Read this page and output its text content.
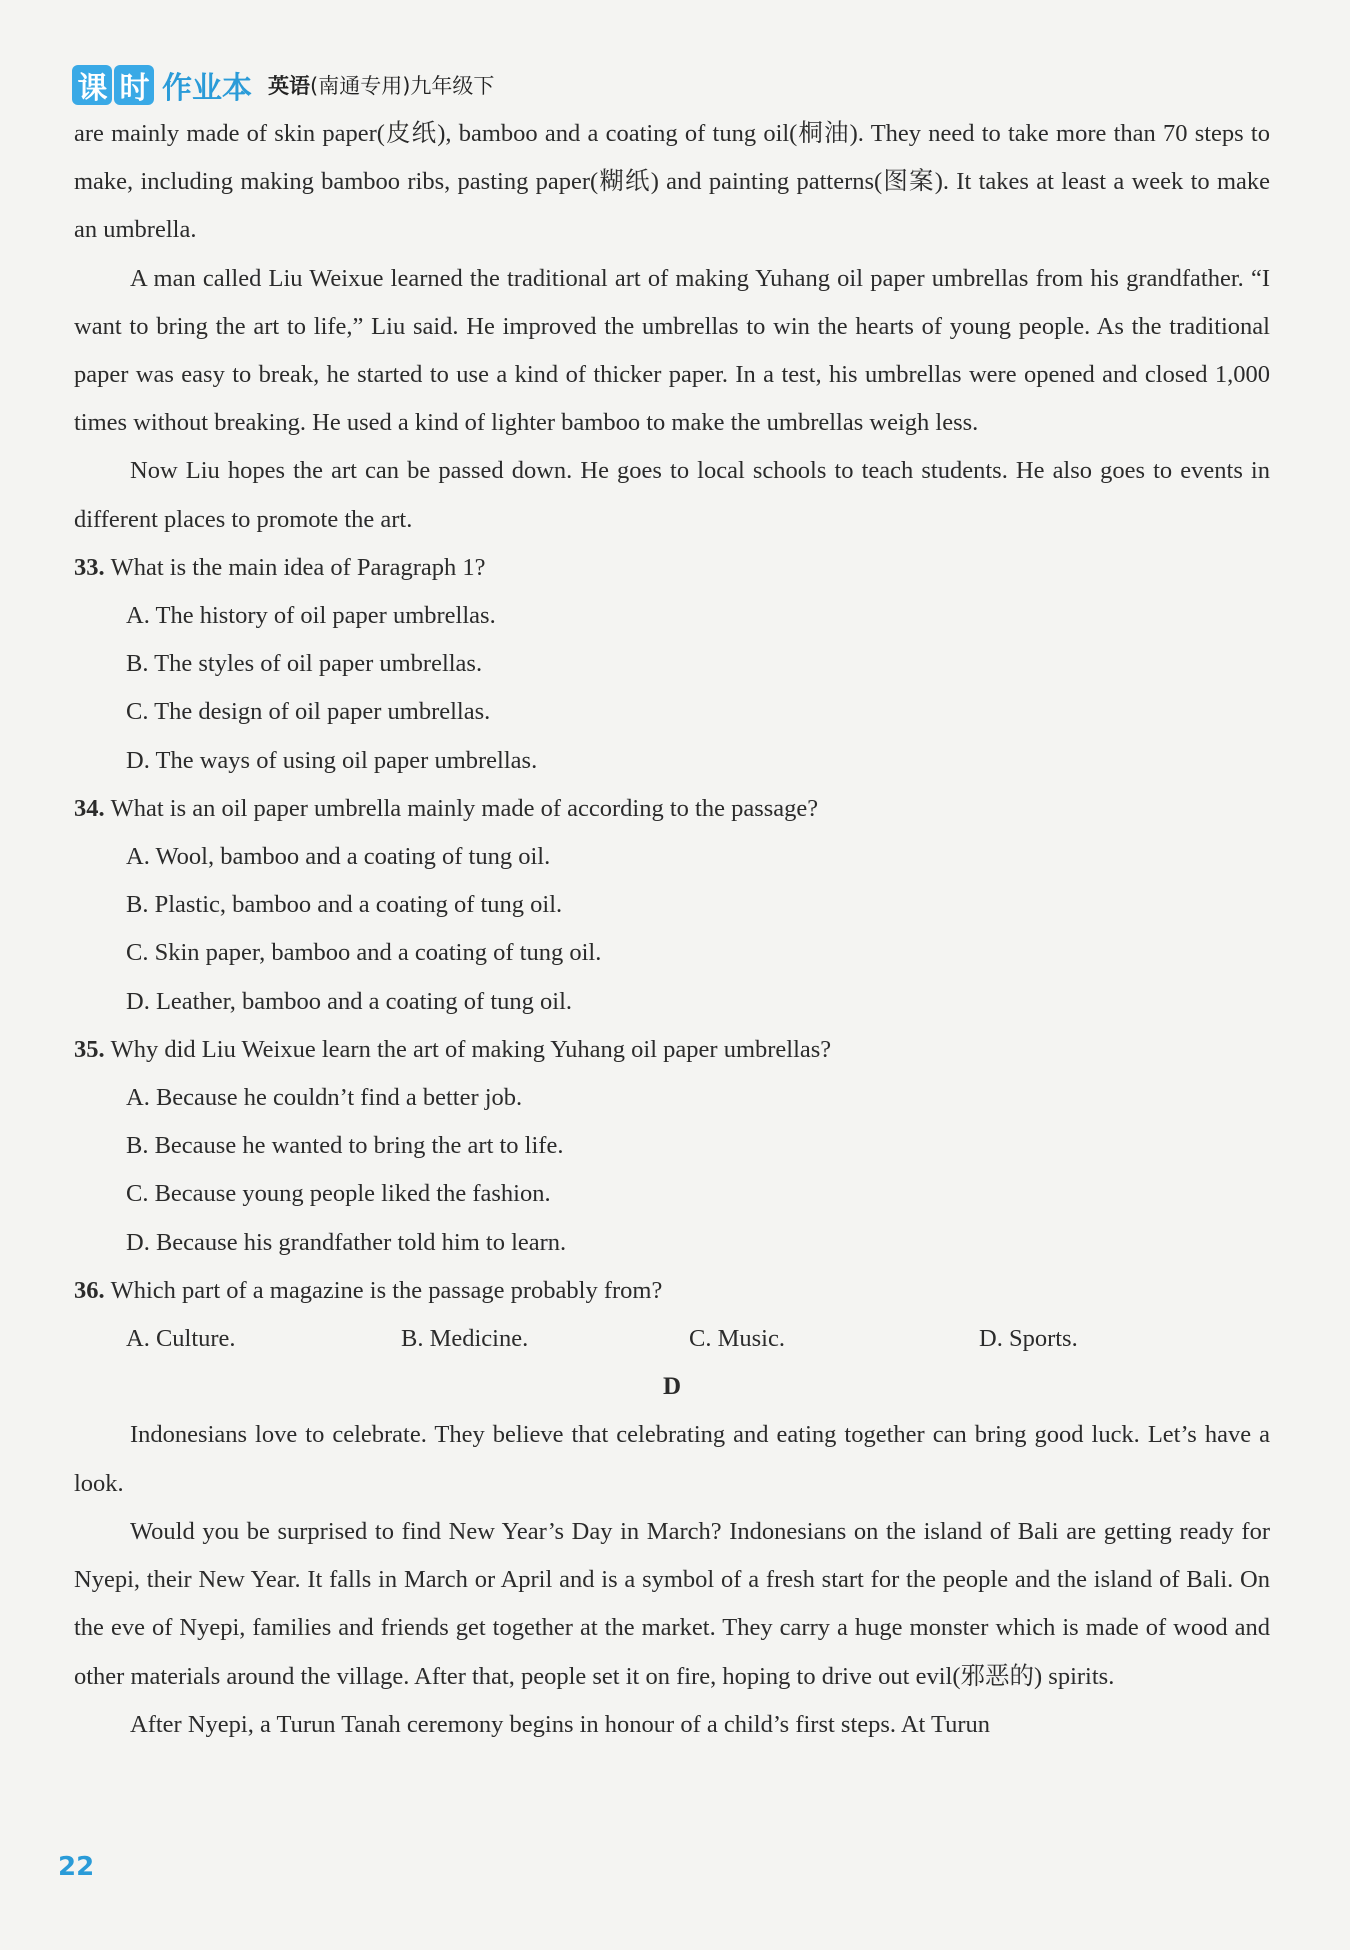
课 时 作业本 英语(南通专用)九年级下

are mainly made of skin paper(皮纸), bamboo and a coating of tung oil(桐油). They need to take more than 70 steps to make, including making bamboo ribs, pasting paper(糊纸) and painting patterns(图案). It takes at least a week to make an umbrella.

A man called Liu Weixue learned the traditional art of making Yuhang oil paper umbrellas from his grandfather. “I want to bring the art to life,” Liu said. He improved the umbrellas to win the hearts of young people. As the traditional paper was easy to break, he started to use a kind of thicker paper. In a test, his umbrellas were opened and closed 1,000 times without breaking. He used a kind of lighter bamboo to make the umbrellas weigh less.

Now Liu hopes the art can be passed down. He goes to local schools to teach students. He also goes to events in different places to promote the art.

33. What is the main idea of Paragraph 1?

A. The history of oil paper umbrellas.

B. The styles of oil paper umbrellas.

C. The design of oil paper umbrellas.

D. The ways of using oil paper umbrellas.

34. What is an oil paper umbrella mainly made of according to the passage?

A. Wool, bamboo and a coating of tung oil.

B. Plastic, bamboo and a coating of tung oil.

C. Skin paper, bamboo and a coating of tung oil.

D. Leather, bamboo and a coating of tung oil.

35. Why did Liu Weixue learn the art of making Yuhang oil paper umbrellas?

A. Because he couldn’t find a better job.

B. Because he wanted to bring the art to life.

C. Because young people liked the fashion.

D. Because his grandfather told him to learn.

36. Which part of a magazine is the passage probably from?

A. Culture.	B. Medicine.	C. Music.	D. Sports.

D

Indonesians love to celebrate. They believe that celebrating and eating together can bring good luck. Let’s have a look.

Would you be surprised to find New Year’s Day in March? Indonesians on the island of Bali are getting ready for Nyepi, their New Year. It falls in March or April and is a symbol of a fresh start for the people and the island of Bali. On the eve of Nyepi, families and friends get together at the market. They carry a huge monster which is made of wood and other materials around the village. After that, people set it on fire, hoping to drive out evil(邪恶的) spirits.

After Nyepi, a Turun Tanah ceremony begins in honour of a child’s first steps. At Turun

22
